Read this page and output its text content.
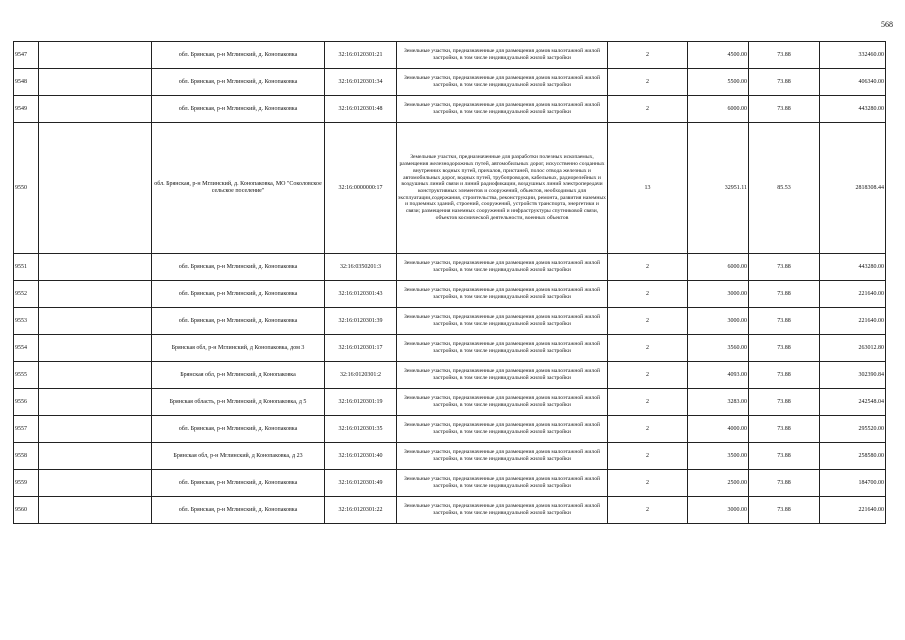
568
9547		обл. Брянская, р-н Мглинский, д. Конопаковка	32:16:0120301:21	Земельные участки, предназначенные для размещения домов малоэтажной жилой застройки, в том числе индивидуальной жилой застройки	2	4500.00	73.88	332460.00
9548		обл. Брянская, р-н Мглинский, д. Конопаковка	32:16:0120301:34	Земельные участки, предназначенные для размещения домов малоэтажной жилой застройки, в том числе индивидуальной жилой застройки	2	5500.00	73.88	406340.00
9549		обл. Брянская, р-н Мглинский, д. Конопаковка	32:16:0120301:48	Земельные участки, предназначенные для размещения домов малоэтажной жилой застройки, в том числе индивидуальной жилой застройки	2	6000.00	73.88	443280.00
9550		обл. Брянская, р-н Мглинский, д. Конопаковка, МО "Соколовское сельское поселение"	32:16:0000000:17	Земельные участки, предназначенные для разработки полезных ископаемых, размещения железнодорожных путей, автомобильных дорог, искусственно созданных внутренних водных путей, причалов, пристаней, полос отвода железных и автомобильных дорог, водных путей, трубопроводов, кабельных, радиорелейных и воздушных линий связи и линий радиофикации, воздушных линий электропередачи конструктивных элементов и сооружений, объектов, необходимых для эксплуатации,содержания, строительства, реконструкции, ремонта, развития наземных и подземных зданий, строений, сооружений, устройств транспорта, энергетики и связи; размещения наземных сооружений и инфраструктуры спутниковой связи, объектов космической деятельности, военных объектов	13	32951.11	85.53	2818308.44
9551		обл. Брянская, р-н Мглинский, д. Конопаковка	32:16:0350201:3	Земельные участки, предназначенные для размещения домов малоэтажной жилой застройки, в том числе индивидуальной жилой застройки	2	6000.00	73.88	443280.00
9552		обл. Брянская, р-н Мглинский, д. Конопаковка	32:16:0120301:43	Земельные участки, предназначенные для размещения домов малоэтажной жилой застройки, в том числе индивидуальной жилой застройки	2	3000.00	73.88	221640.00
9553		обл. Брянская, р-н Мглинский, д. Конопаковка	32:16:0120301:39	Земельные участки, предназначенные для размещения домов малоэтажной жилой застройки, в том числе индивидуальной жилой застройки	2	3000.00	73.88	221640.00
9554		Брянская обл, р-н Мглинский, д Конопаковка, дом 3	32:16:0120301:17	Земельные участки, предназначенные для размещения домов малоэтажной жилой застройки, в том числе индивидуальной жилой застройки	2	3560.00	73.88	263012.80
9555		Брянская обл, р-н Мглинский, д Конопаковка	32:16:0120301:2	Земельные участки, предназначенные для размещения домов малоэтажной жилой застройки, в том числе индивидуальной жилой застройки	2	4093.00	73.88	302390.84
9556		Брянская область, р-н Мглинский, д Конопаковка, д 5	32:16:0120301:19	Земельные участки, предназначенные для размещения домов малоэтажной жилой застройки, в том числе индивидуальной жилой застройки	2	3283.00	73.88	242548.04
9557		обл. Брянская, р-н Мглинский, д. Конопаковка	32:16:0120301:35	Земельные участки, предназначенные для размещения домов малоэтажной жилой застройки, в том числе индивидуальной жилой застройки	2	4000.00	73.88	295520.00
9558		Брянская обл, р-н Мглинский, д Конопаковка, д 23	32:16:0120301:40	Земельные участки, предназначенные для размещения домов малоэтажной жилой застройки, в том числе индивидуальной жилой застройки	2	3500.00	73.88	258580.00
9559		обл. Брянская, р-н Мглинский, д. Конопаковка	32:16:0120301:49	Земельные участки, предназначенные для размещения домов малоэтажной жилой застройки, в том числе индивидуальной жилой застройки	2	2500.00	73.88	184700.00
9560		обл. Брянская, р-н Мглинский, д. Конопаковка	32:16:0120301:22	Земельные участки, предназначенные для размещения домов малоэтажной жилой застройки, в том числе индивидуальной жилой застройки	2	3000.00	73.88	221640.00
